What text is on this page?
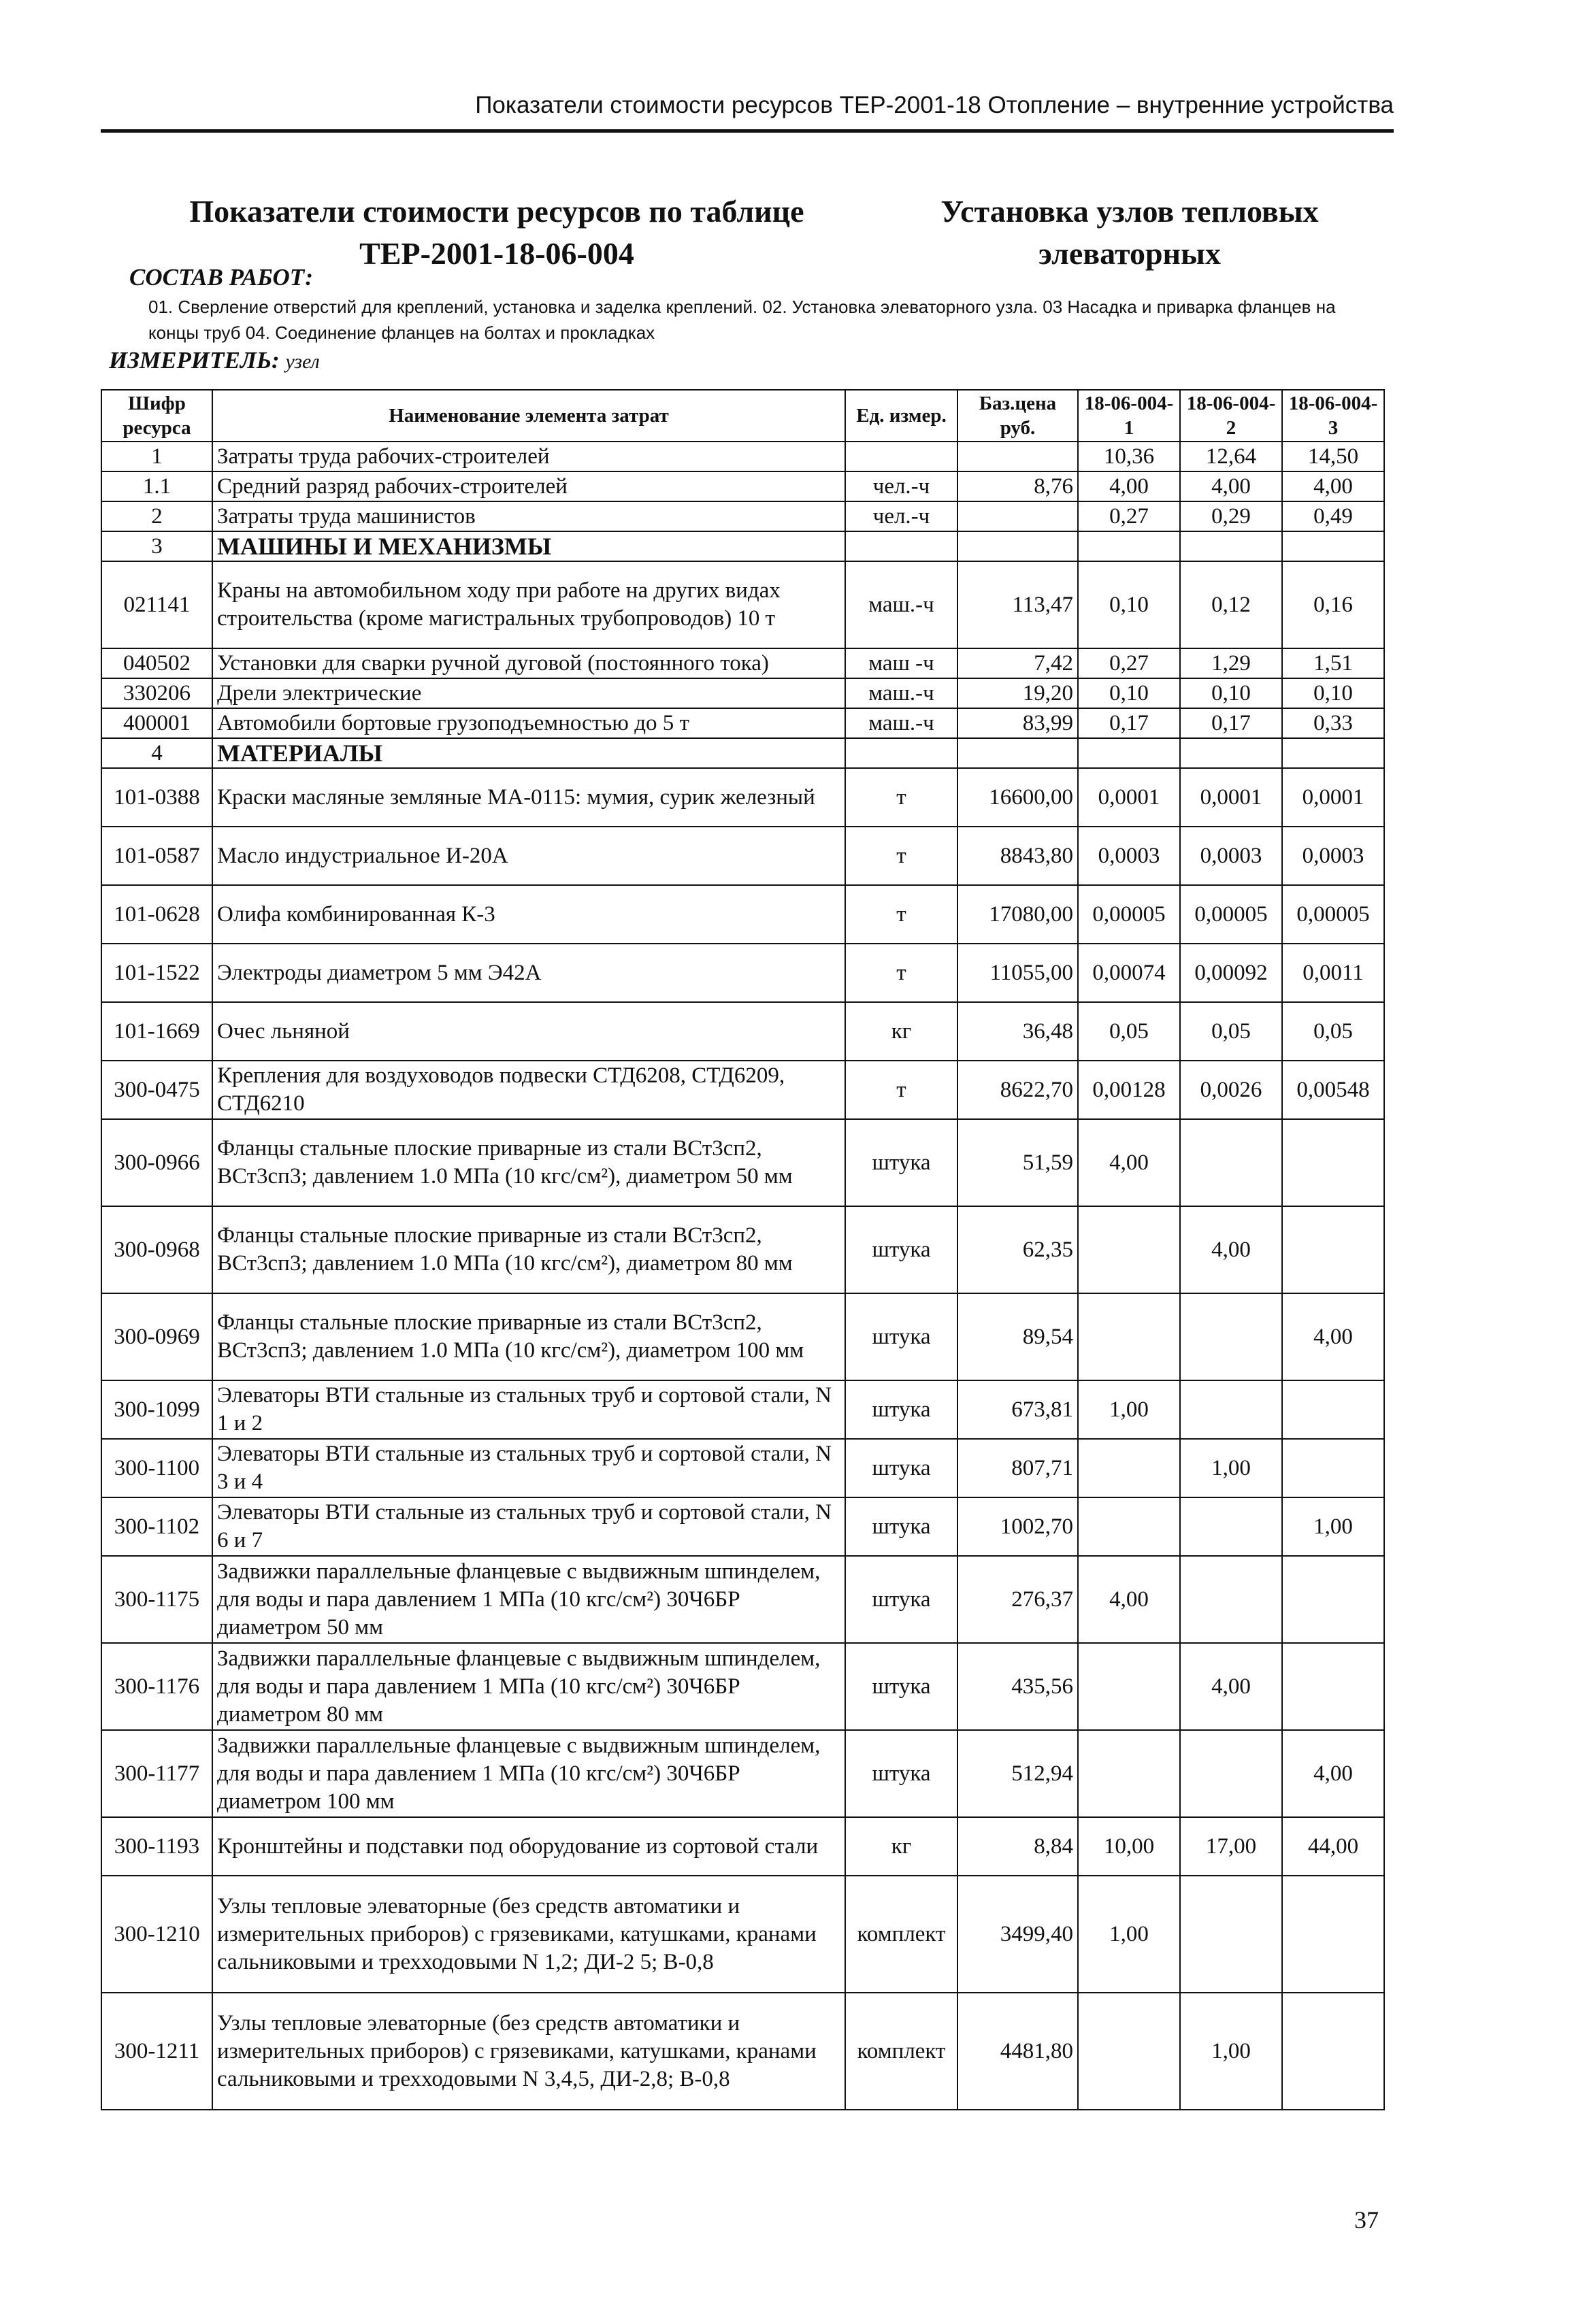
Показатели стоимости ресурсов ТЕР-2001-18 Отопление – внутренние устройства
Показатели стоимости ресурсов по таблице ТЕР-2001-18-06-004
Установка узлов тепловых элеваторных
СОСТАВ РАБОТ:
01. Сверление отверстий для креплений, установка и заделка креплений. 02. Установка элеваторного узла. 03 Насадка и приварка фланцев на концы труб 04. Соединение фланцев на болтах и прокладках
ИЗМЕРИТЕЛЬ: узел
Шифр ресурса	Наименование элемента затрат	Ед. измер.	Баз.цена руб.	18-06-004-1	18-06-004-2	18-06-004-3
1	Затраты труда рабочих-строителей			10,36	12,64	14,50
1.1	Средний разряд рабочих-строителей	чел.-ч	8,76	4,00	4,00	4,00
2	Затраты труда машинистов	чел.-ч		0,27	0,29	0,49
3	МАШИНЫ И МЕХАНИЗМЫ					
021141	Краны на автомобильном ходу при работе на других видах строительства (кроме магистральных трубопроводов) 10 т	маш.-ч	113,47	0,10	0,12	0,16
040502	Установки для сварки ручной дуговой (постоянного тока)	маш -ч	7,42	0,27	1,29	1,51
330206	Дрели электрические	маш.-ч	19,20	0,10	0,10	0,10
400001	Автомобили бортовые грузоподъемностью до 5 т	маш.-ч	83,99	0,17	0,17	0,33
4	МАТЕРИАЛЫ					
101-0388	Краски масляные земляные МА-0115: мумия, сурик железный	т	16600,00	0,0001	0,0001	0,0001
101-0587	Масло индустриальное И-20А	т	8843,80	0,0003	0,0003	0,0003
101-0628	Олифа комбинированная К-3	т	17080,00	0,00005	0,00005	0,00005
101-1522	Электроды диаметром 5 мм Э42А	т	11055,00	0,00074	0,00092	0,0011
101-1669	Очес льняной	кг	36,48	0,05	0,05	0,05
300-0475	Крепления для воздуховодов подвески СТД6208, СТД6209, СТД6210	т	8622,70	0,00128	0,0026	0,00548
300-0966	Фланцы стальные плоские приварные из стали ВСт3сп2, ВСт3сп3; давлением 1.0 МПа (10 кгс/см²), диаметром 50 мм	штука	51,59	4,00		
300-0968	Фланцы стальные плоские приварные из стали ВСт3сп2, ВСт3сп3; давлением 1.0 МПа (10 кгс/см²), диаметром 80 мм	штука	62,35		4,00	
300-0969	Фланцы стальные плоские приварные из стали ВСт3сп2, ВСт3сп3; давлением 1.0 МПа (10 кгс/см²), диаметром 100 мм	штука	89,54			4,00
300-1099	Элеваторы ВТИ стальные из стальных труб и сортовой стали, N 1 и 2	штука	673,81	1,00		
300-1100	Элеваторы ВТИ стальные из стальных труб и сортовой стали, N 3 и 4	штука	807,71		1,00	
300-1102	Элеваторы ВТИ стальные из стальных труб и сортовой стали, N 6 и 7	штука	1002,70			1,00
300-1175	Задвижки параллельные фланцевые с выдвижным шпинделем, для воды и пара давлением 1 МПа (10 кгс/см²) 30Ч6БР диаметром 50 мм	штука	276,37	4,00		
300-1176	Задвижки параллельные фланцевые с выдвижным шпинделем, для воды и пара давлением 1 МПа (10 кгс/см²) 30Ч6БР диаметром 80 мм	штука	435,56		4,00	
300-1177	Задвижки параллельные фланцевые с выдвижным шпинделем, для воды и пара давлением 1 МПа (10 кгс/см²) 30Ч6БР диаметром 100 мм	штука	512,94			4,00
300-1193	Кронштейны и подставки под оборудование из сортовой стали	кг	8,84	10,00	17,00	44,00
300-1210	Узлы тепловые элеваторные (без средств автоматики и измерительных приборов) с грязевиками, катушками, кранами сальниковыми и трехходовыми N 1,2; ДИ-2 5; В-0,8	комплект	3499,40	1,00		
300-1211	Узлы тепловые элеваторные (без средств автоматики и измерительных приборов) с грязевиками, катушками, кранами сальниковыми и трехходовыми N 3,4,5, ДИ-2,8; В-0,8	комплект	4481,80		1,00	
37
